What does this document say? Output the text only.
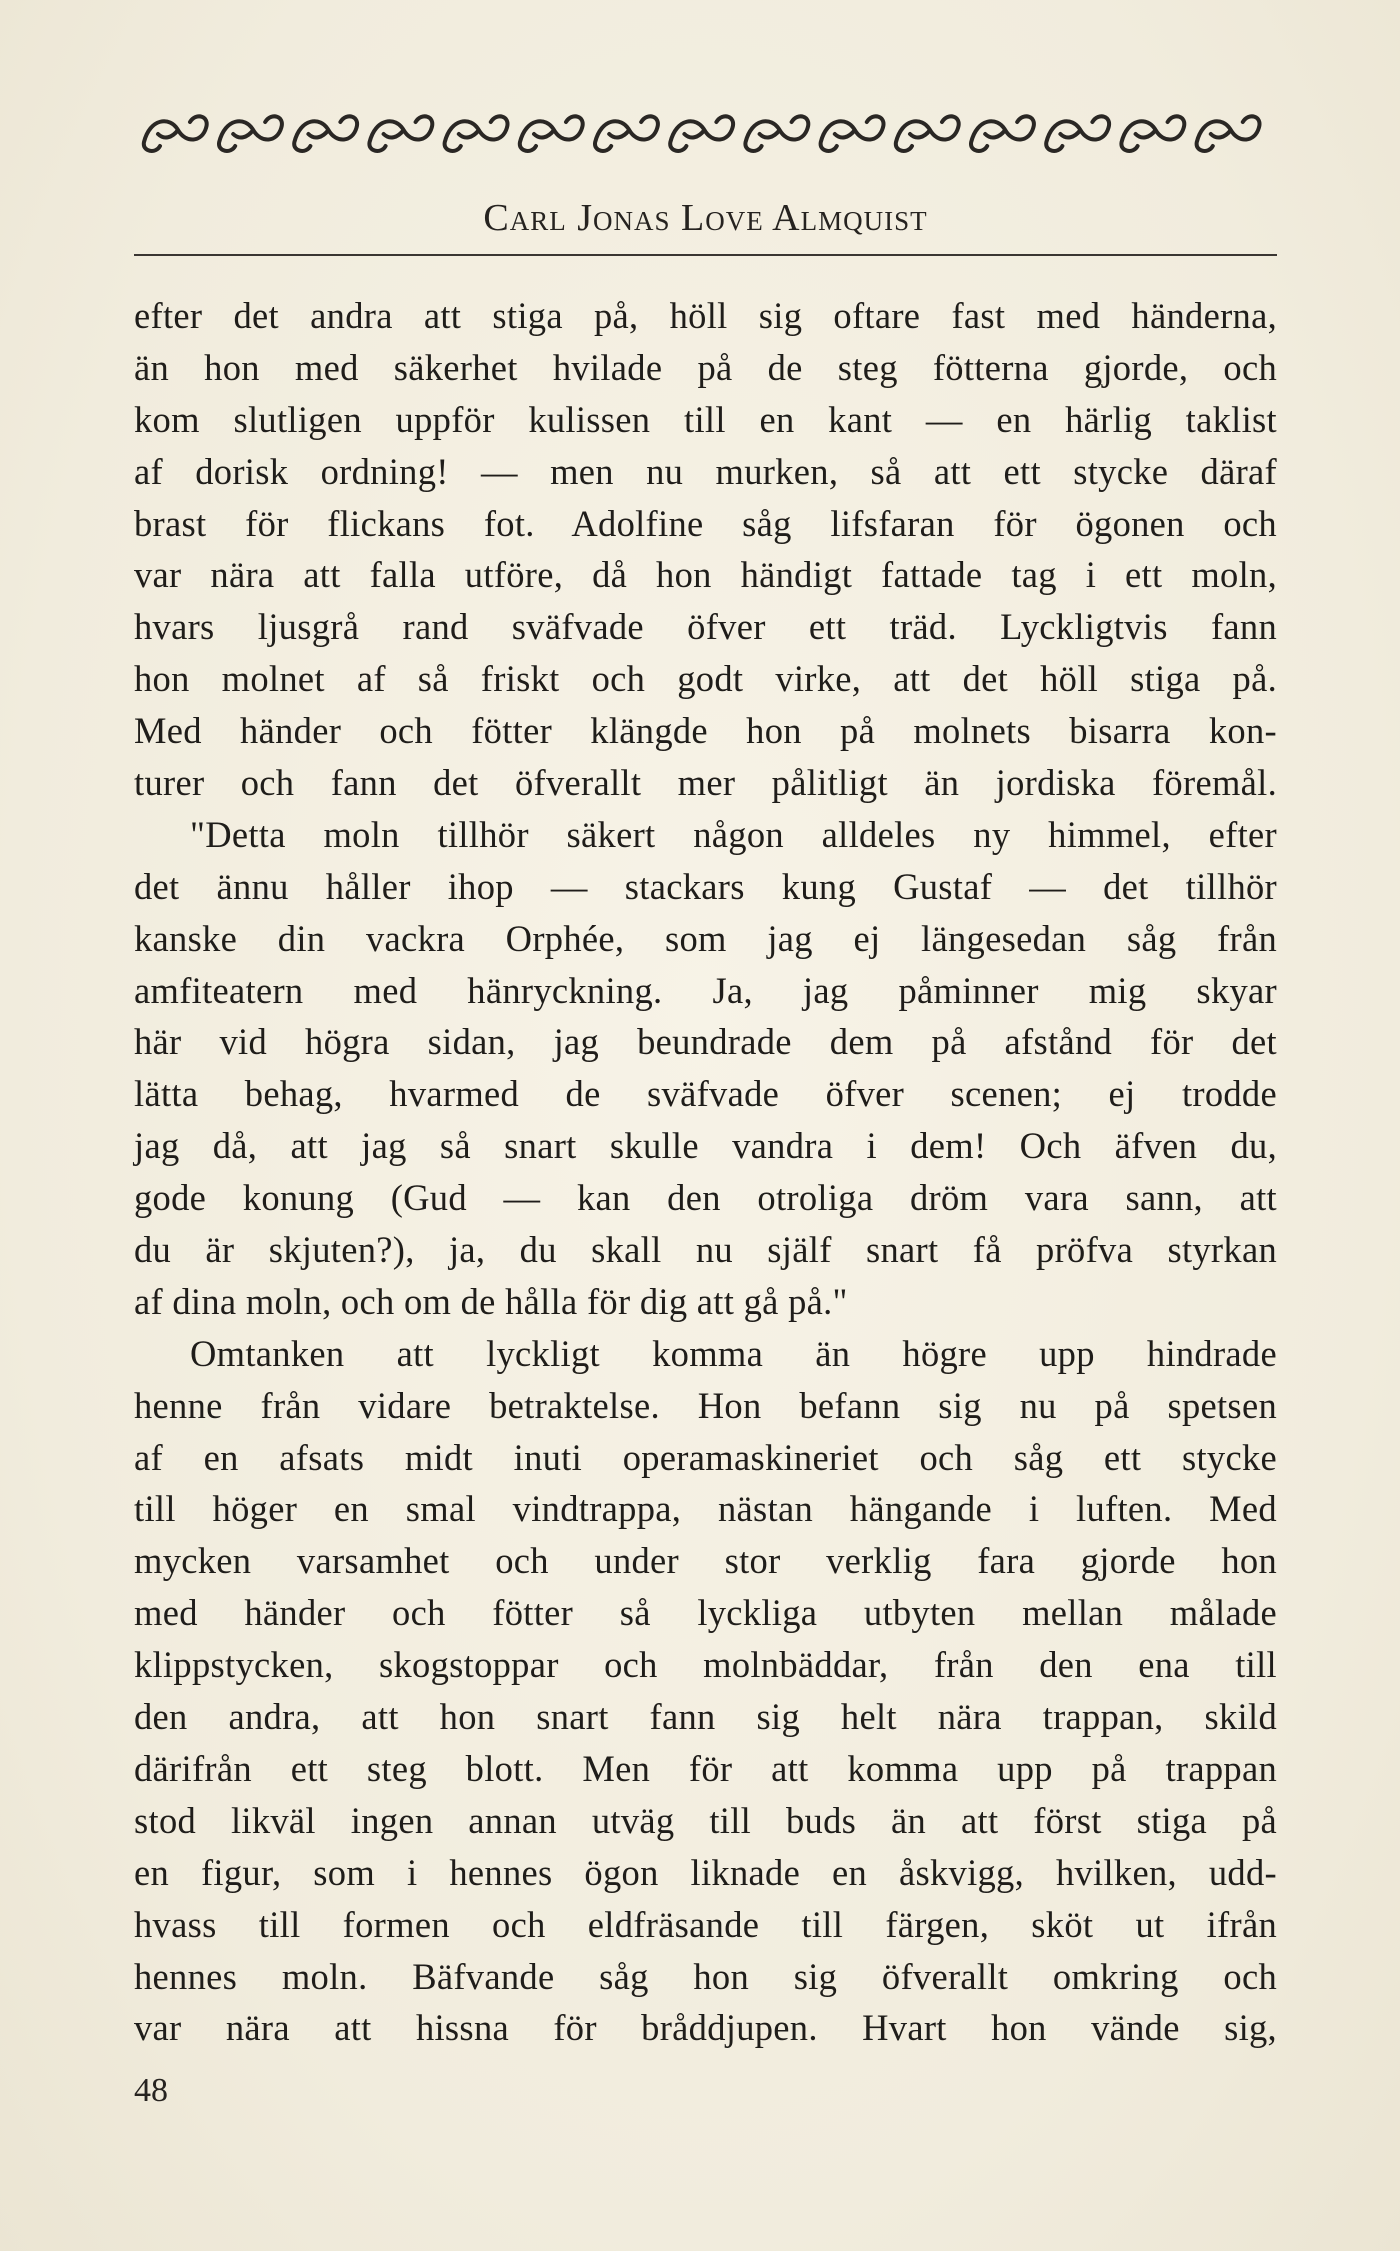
Carl Jonas Love Almquist
efter det andra att stiga på, höll sig oftare fast med händerna,
än hon med säkerhet hvilade på de steg fötterna gjorde, och
kom slutligen uppför kulissen till en kant — en härlig taklist
af dorisk ordning! — men nu murken, så att ett stycke däraf
brast för flickans fot. Adolfine såg lifsfaran för ögonen och
var nära att falla utföre, då hon händigt fattade tag i ett moln,
hvars ljusgrå rand sväfvade öfver ett träd. Lyckligtvis fann
hon molnet af så friskt och godt virke, att det höll stiga på.
Med händer och fötter klängde hon på molnets bisarra kon-
turer och fann det öfverallt mer pålitligt än jordiska föremål.
"Detta moln tillhör säkert någon alldeles ny himmel, efter
det ännu håller ihop — stackars kung Gustaf — det tillhör
kanske din vackra Orphée, som jag ej längesedan såg från
amfiteatern med hänryckning. Ja, jag påminner mig skyar
här vid högra sidan, jag beundrade dem på afstånd för det
lätta behag, hvarmed de sväfvade öfver scenen; ej trodde
jag då, att jag så snart skulle vandra i dem! Och äfven du,
gode konung (Gud — kan den otroliga dröm vara sann, att
du är skjuten?), ja, du skall nu själf snart få pröfva styrkan
af dina moln, och om de hålla för dig att gå på."
Omtanken att lyckligt komma än högre upp hindrade
henne från vidare betraktelse. Hon befann sig nu på spetsen
af en afsats midt inuti operamaskineriet och såg ett stycke
till höger en smal vindtrappa, nästan hängande i luften. Med
mycken varsamhet och under stor verklig fara gjorde hon
med händer och fötter så lyckliga utbyten mellan målade
klippstycken, skogstoppar och molnbäddar, från den ena till
den andra, att hon snart fann sig helt nära trappan, skild
därifrån ett steg blott. Men för att komma upp på trappan
stod likväl ingen annan utväg till buds än att först stiga på
en figur, som i hennes ögon liknade en åskvigg, hvilken, udd-
hvass till formen och eldfräsande till färgen, sköt ut ifrån
hennes moln. Bäfvande såg hon sig öfverallt omkring och
var nära att hissna för bråddjupen. Hvart hon vände sig,
48
